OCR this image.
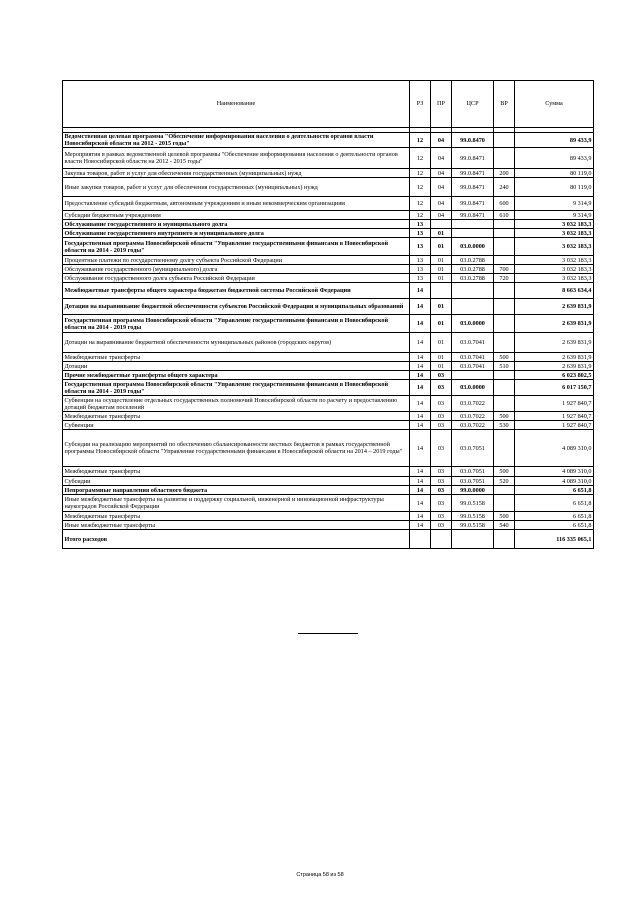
Наименование	РЗ	ПР	ЦСР	ВР	Сумма

Ведомственная целевая программа "Обеспечение информирования населения о деятельности органов власти Новосибирской области на 2012 - 2015 годы"	12	04	99.0.8470		89 433,9
Мероприятия в рамках ведомственной целевой программы "Обеспечение информирования населения о деятельности органов власти Новосибирской области на 2012 - 2015 годы"	12	04	99.0.8471		89 433,9
Закупка товаров, работ и услуг для обеспечения государственных (муниципальных) нужд	12	04	99.0.8471	200	80 119,0
Иные закупки товаров, работ и услуг для обеспечения государственных (муниципальных) нужд	12	04	99.0.8471	240	80 119,0
Предоставление субсидий бюджетным, автономным учреждениям и иным некоммерческим организациям	12	04	99.0.8471	600	9 314,9
Субсидии бюджетным учреждениям	12	04	99.0.8471	610	9 314,9
Обслуживание государственного и муниципального долга	13				3 032 183,3
Обслуживание государственного внутреннего и муниципального долга	13	01			3 032 183,3
Государственная программа Новосибирской области "Управление государственными финансами в Новосибирской области на 2014 - 2019 годы"	13	01	03.0.0000		3 032 183,3
Процентные платежи по государственному долгу субъекта Российской Федерации	13	01	03.0.2788		3 032 183,3
Обслуживание государственного (муниципального) долга	13	01	03.0.2788	700	3 032 183,3
Обслуживание государственного долга субъекта Российской Федерации	13	01	03.0.2788	720	3 032 183,3
Межбюджетные трансферты общего характера бюджетам бюджетной системы Российской Федерации	14				8 663 634,4
Дотации на выравнивание бюджетной обеспеченности субъектов Российской Федерации и муниципальных образований	14	01			2 639 831,9
Государственная программа Новосибирской области "Управление государственными финансами в Новосибирской области на 2014 - 2019 годы	14	01	03.0.0000		2 639 831,9
Дотации на выравнивание бюджетной обеспеченности муниципальных районов (городских округов)	14	01	03.0.7041		2 639 831,9
Межбюджетные трансферты	14	01	03.0.7041	500	2 639 831,9
Дотации	14	01	03.0.7041	510	2 639 831,9
Прочие межбюджетные трансферты общего характера	14	03			6 023 802,5
Государственная программа Новосибирской области "Управление государственными финансами в Новосибирской области на 2014 - 2019 годы"	14	03	03.0.0000		6 017 150,7
Субвенции на осуществление отдельных государственных полномочий Новосибирской области по расчету и предоставлению дотаций бюджетам поселений	14	03	03.0.7022		1 927 840,7
Межбюджетные трансферты	14	03	03.0.7022	500	1 927 840,7
Субвенции	14	03	03.0.7022	530	1 927 840,7
Субсидии на реализацию мероприятий по обеспечению сбалансированности местных бюджетов в рамках государственной программы Новосибирской области "Управление государственными финансами в Новосибирской области на 2014 – 2019 годы"	14	03	03.0.7051		4 089 310,0
Межбюджетные трансферты	14	03	03.0.7051	500	4 089 310,0
Субсидии	14	03	03.0.7051	520	4 089 310,0
Непрограммные направления областного бюджета	14	03	99.0.0000		6 651,8
Иные межбюджетные трансферты на развитие и поддержку социальной, инженерной и инновационной инфраструктуры наукоградов Российской Федерации	14	03	99.0.5158		6 651,8
Межбюджетные трансферты	14	03	99.0.5158	500	6 651,8
Иные межбюджетные трансферты	14	03	99.0.5158	540	6 651,8
Итого расходов					116 335 065,1
Страница 58 из 58
